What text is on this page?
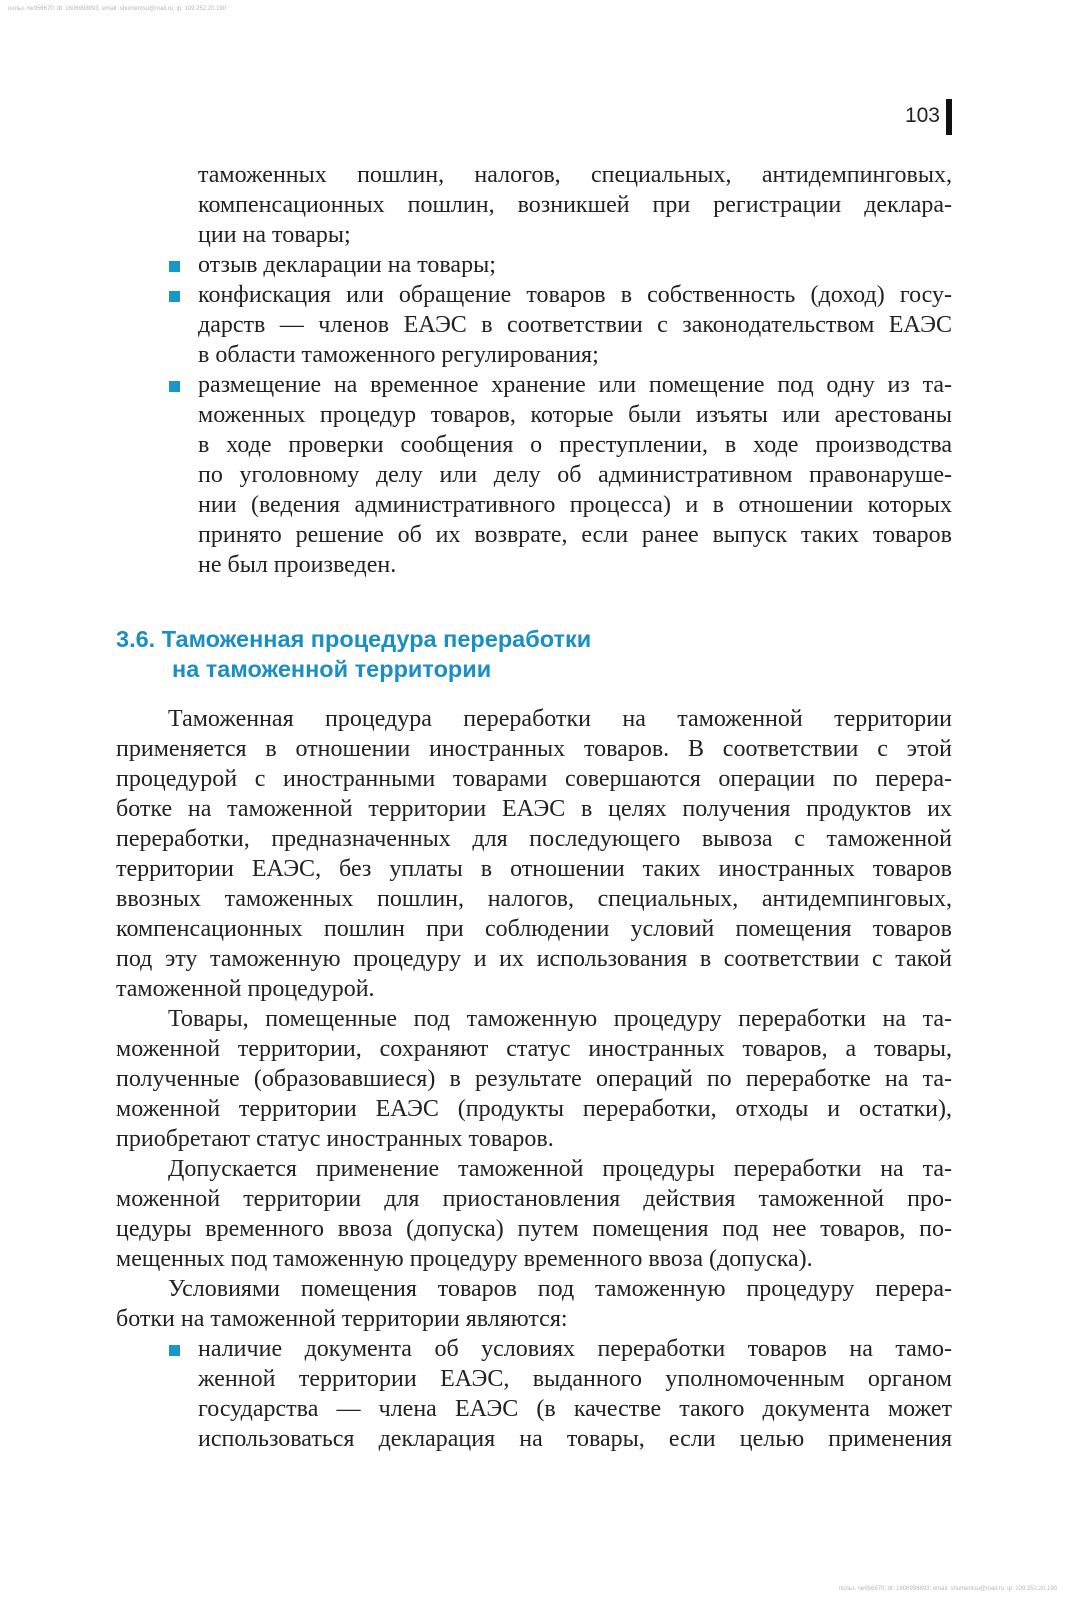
польз. №956670; dt: 1606998893; email: shumentsu@mail.ru; ip: 109.252.20.190
103
таможенных пошлин, налогов, специальных, антидемпинговых,
компенсационных пошлин, возникшей при регистрации деклара-
ции на товары;
отзыв декларации на товары;
конфискация или обращение товаров в собственность (доход) госу-
дарств — членов ЕАЭС в соответствии с законодательством ЕАЭС
в области таможенного регулирования;
размещение на временное хранение или помещение под одну из та-
моженных процедур товаров, которые были изъяты или арестованы
в ходе проверки сообщения о преступлении, в ходе производства
по уголовному делу или делу об административном правонаруше-
нии (ведения административного процесса) и в отношении которых
принято решение об их возврате, если ранее выпуск таких товаров
не был произведен.
3.6. Таможенная процедура переработки
на таможенной территории
Таможенная процедура переработки на таможенной территории
применяется в отношении иностранных товаров. В соответствии с этой
процедурой с иностранными товарами совершаются операции по перера-
ботке на таможенной территории ЕАЭС в целях получения продуктов их
переработки, предназначенных для последующего вывоза с таможенной
территории ЕАЭС, без уплаты в отношении таких иностранных товаров
ввозных таможенных пошлин, налогов, специальных, антидемпинговых,
компенсационных пошлин при соблюдении условий помещения товаров
под эту таможенную процедуру и их использования в соответствии с такой
таможенной процедурой.
Товары, помещенные под таможенную процедуру переработки на та-
моженной территории, сохраняют статус иностранных товаров, а товары,
полученные (образовавшиеся) в результате операций по переработке на та-
моженной территории ЕАЭС (продукты переработки, отходы и остатки),
приобретают статус иностранных товаров.
Допускается применение таможенной процедуры переработки на та-
моженной территории для приостановления действия таможенной про-
цедуры временного ввоза (допуска) путем помещения под нее товаров, по-
мещенных под таможенную процедуру временного ввоза (допуска).
Условиями помещения товаров под таможенную процедуру перера-
ботки на таможенной территории являются:
наличие документа об условиях переработки товаров на тамо-
женной территории ЕАЭС, выданного уполномоченным органом
государства — члена ЕАЭС (в качестве такого документа может
использоваться декларация на товары, если целью применения
польз. №956670; dt: 1606998893; email: shumentsu@mail.ru; ip: 109.252.20.190
